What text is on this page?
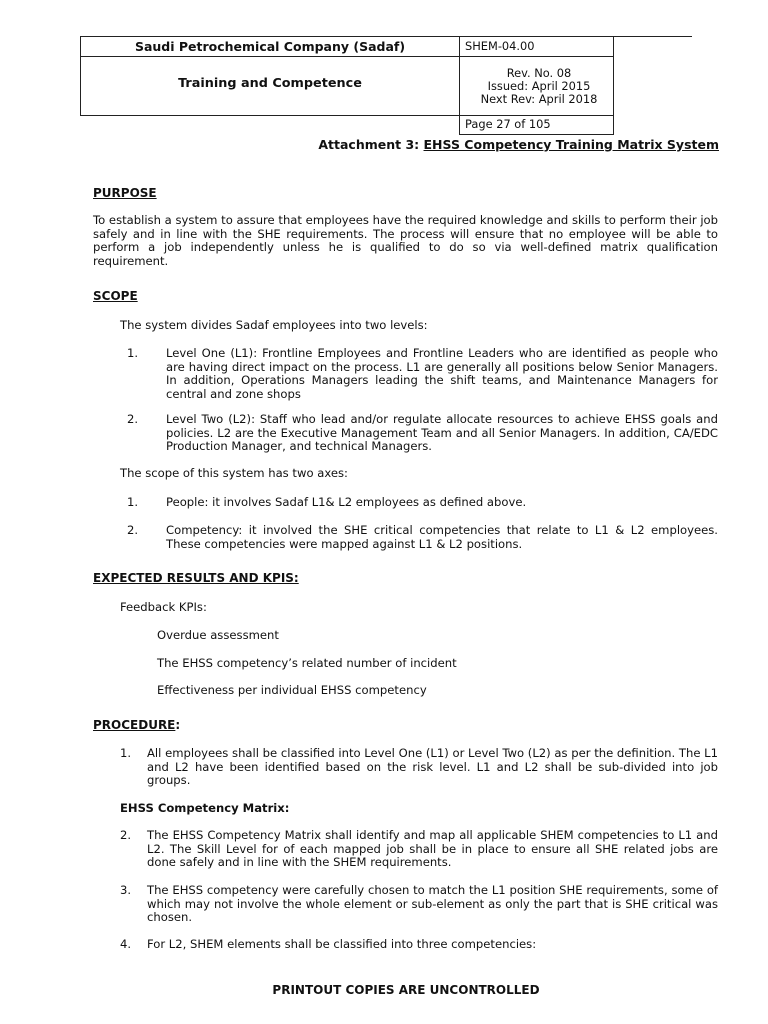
Saudi Petrochemical Company (Sadaf)	SHEM-04.00	
Training and Competence	Rev. No. 08
Issued: April 2015
Next Rev: April 2018	

	Page 27 of 105	
Attachment 3: EHSS Competency Training Matrix System
PURPOSE
To establish a system to assure that employees have the required knowledge and skills to perform their job safely and in line with the SHE requirements. The process will ensure that no employee will be able to perform a job independently unless he is qualified to do so via well-defined matrix qualification requirement.
SCOPE
The system divides Sadaf employees into two levels:
1. Level One (L1): Frontline Employees and Frontline Leaders who are identified as people who are having direct impact on the process. L1 are generally all positions below Senior Managers. In addition, Operations Managers leading the shift teams, and Maintenance Managers for central and zone shops
2. Level Two (L2): Staff who lead and/or regulate allocate resources to achieve EHSS goals and policies. L2 are the Executive Management Team and all Senior Managers. In addition, CA/EDC Production Manager, and technical Managers.
The scope of this system has two axes:
1. People: it involves Sadaf L1& L2 employees as defined above.
2. Competency: it involved the SHE critical competencies that relate to L1 & L2 employees. These competencies were mapped against L1 & L2 positions.
EXPECTED RESULTS AND KPIS:
Feedback KPIs:
Overdue assessment
The EHSS competency’s related number of incident
Effectiveness per individual EHSS competency
PROCEDURE:
1. All employees shall be classified into Level One (L1) or Level Two (L2) as per the definition. The L1 and L2 have been identified based on the risk level. L1 and L2 shall be sub-divided into job groups.
EHSS Competency Matrix:
2. The EHSS Competency Matrix shall identify and map all applicable SHEM competencies to L1 and L2. The Skill Level for of each mapped job shall be in place to ensure all SHE related jobs are done safely and in line with the SHEM requirements.
3. The EHSS competency were carefully chosen to match the L1 position SHE requirements, some of which may not involve the whole element or sub-element as only the part that is SHE critical was chosen.
4. For L2, SHEM elements shall be classified into three competencies:
PRINTOUT COPIES ARE UNCONTROLLED
